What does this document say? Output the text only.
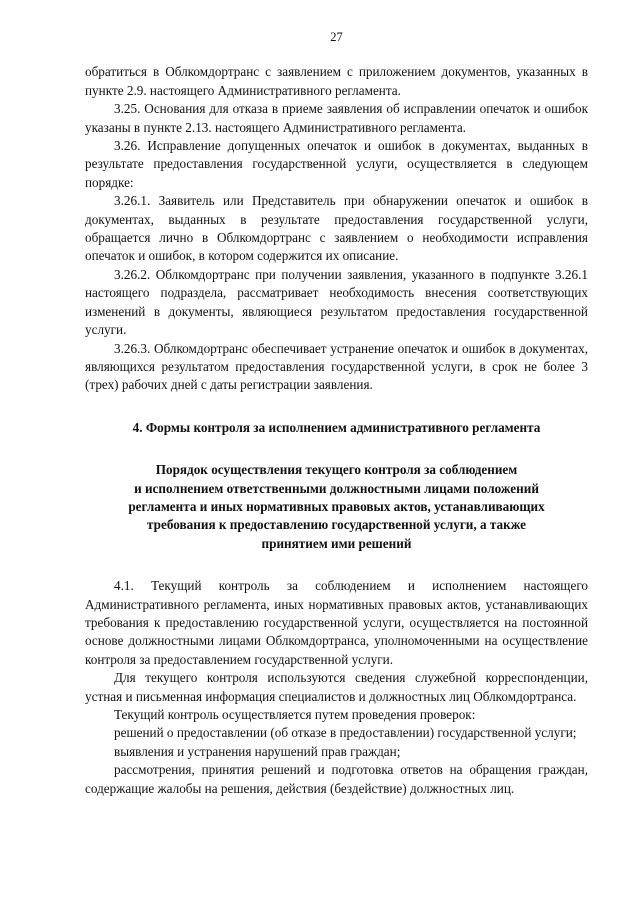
27

обратиться в Облкомдортранс с заявлением с приложением документов, указанных в пункте 2.9. настоящего Административного регламента.

3.25. Основания для отказа в приеме заявления об исправлении опечаток и ошибок указаны в пункте 2.13. настоящего Административного регламента.

3.26. Исправление допущенных опечаток и ошибок в документах, выданных в результате предоставления государственной услуги, осуществляется в следующем порядке:

3.26.1. Заявитель или Представитель при обнаружении опечаток и ошибок в документах, выданных в результате предоставления государственной услуги, обращается лично в Облкомдортранс с заявлением о необходимости исправления опечаток и ошибок, в котором содержится их описание.

3.26.2. Облкомдортранс при получении заявления, указанного в подпункте 3.26.1 настоящего подраздела, рассматривает необходимость внесения соответствующих изменений в документы, являющиеся результатом предоставления государственной услуги.

3.26.3. Облкомдортранс обеспечивает устранение опечаток и ошибок в документах, являющихся результатом предоставления государственной услуги, в срок не более 3 (трех) рабочих дней с даты регистрации заявления.

4. Формы контроля за исполнением административного регламента
Порядок осуществления текущего контроля за соблюдением
и исполнением ответственными должностными лицами положений
регламента и иных нормативных правовых актов, устанавливающих
требования к предоставлению государственной услуги, а также
принятием ими решений

4.1. Текущий контроль за соблюдением и исполнением настоящего Административного регламента, иных нормативных правовых актов, устанавливающих требования к предоставлению государственной услуги, осуществляется на постоянной основе должностными лицами Облкомдортранса, уполномоченными на осуществление контроля за предоставлением государственной услуги.

Для текущего контроля используются сведения служебной корреспонденции, устная и письменная информация специалистов и должностных лиц Облкомдортранса.

Текущий контроль осуществляется путем проведения проверок:

решений о предоставлении (об отказе в предоставлении) государственной услуги;

выявления и устранения нарушений прав граждан;

рассмотрения, принятия решений и подготовка ответов на обращения граждан, содержащие жалобы на решения, действия (бездействие) должностных лиц.
